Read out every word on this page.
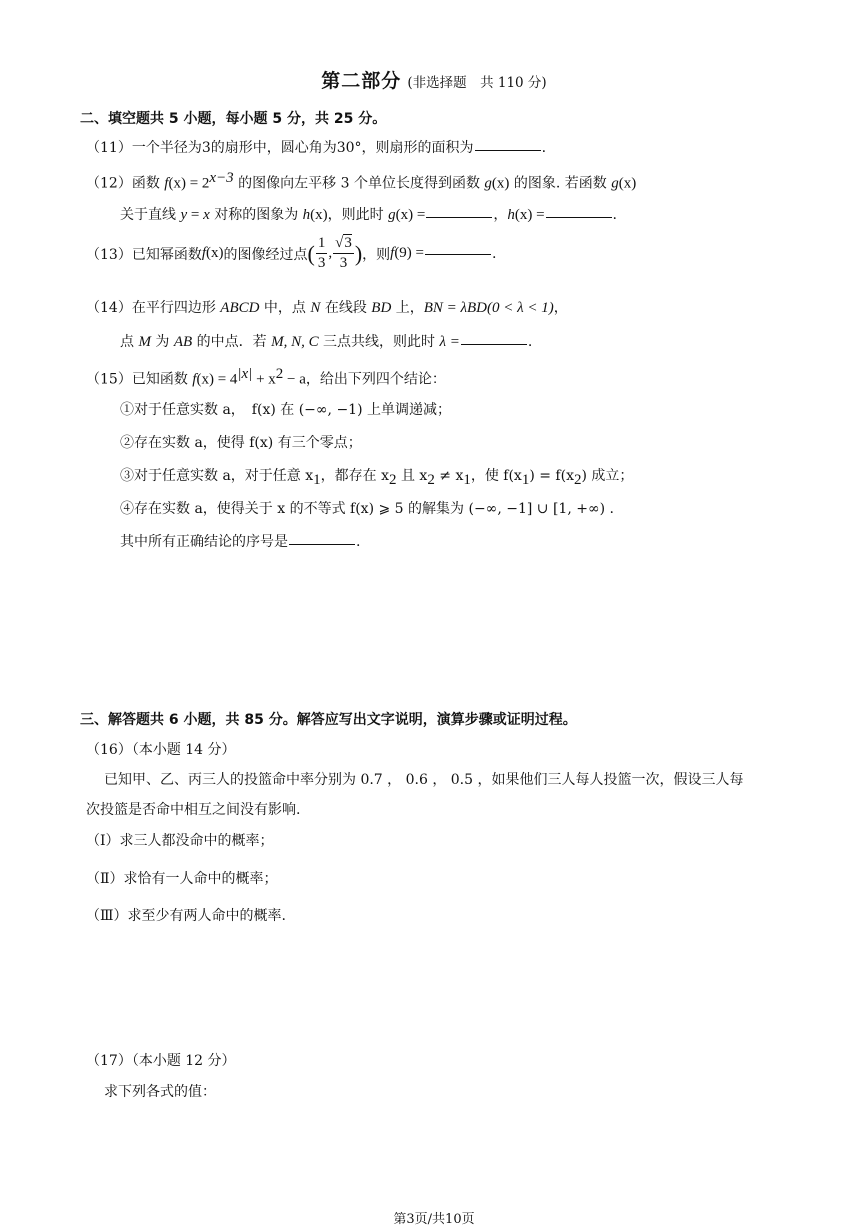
第二部分 (非选择题　共 110 分)
二、填空题共 5 小题，每小题 5 分，共 25 分。
（11）一个半径为3的扇形中，圆心角为30°，则扇形的面积为	.
（12）函数 $f(x) = 2^{x-3}$ 的图像向左平移 3 个单位长度得到函数 g(x) 的图象. 若函数 g(x)
关于直线 y = x 对称的图象为 h(x)，则此时 g(x) =	，h(x) =	.
（13） 已知幂函数 f (x) 的图像经过点 ( $\frac{1}{3}$ , $\frac{√3}{3}$ ) ，则 f (9) =	.
（14）在平行四边形 ABCD 中，点 N 在线段 BD 上，BN = λBD(0 < λ < 1)，
点 M 为 AB 的中点．若 M, N, C 三点共线，则此时 λ =	.
（15）已知函数 $f(x) = 4^{|x|} + x^2 - a$，给出下列四个结论：
①对于任意实数 a，　f(x) 在 (−∞, −1) 上单调递减；
②存在实数 a，使得 f(x) 有三个零点；
③对于任意实数 a，对于任意 $x_1$，都存在 $x_2$ 且 $x_2 \ne x_1$，使 $f(x_1) = f(x_2)$ 成立；
④存在实数 a，使得关于 x 的不等式 f(x) ⩾ 5 的解集为 (−∞, −1] ∪ [1, +∞) .
其中所有正确结论的序号是	.
三、解答题共 6 小题，共 85 分。解答应写出文字说明，演算步骤或证明过程。
（16）（本小题 14 分）
已知甲、乙、丙三人的投篮命中率分别为 0.7 ， 0.6 ， 0.5 ，如果他们三人每人投篮一次，假设三人每
次投篮是否命中相互之间没有影响.
（Ⅰ）求三人都没命中的概率；
（Ⅱ）求恰有一人命中的概率；
（Ⅲ）求至少有两人命中的概率.
（17）（本小题 12 分）
求下列各式的值：
第3页/共10页
